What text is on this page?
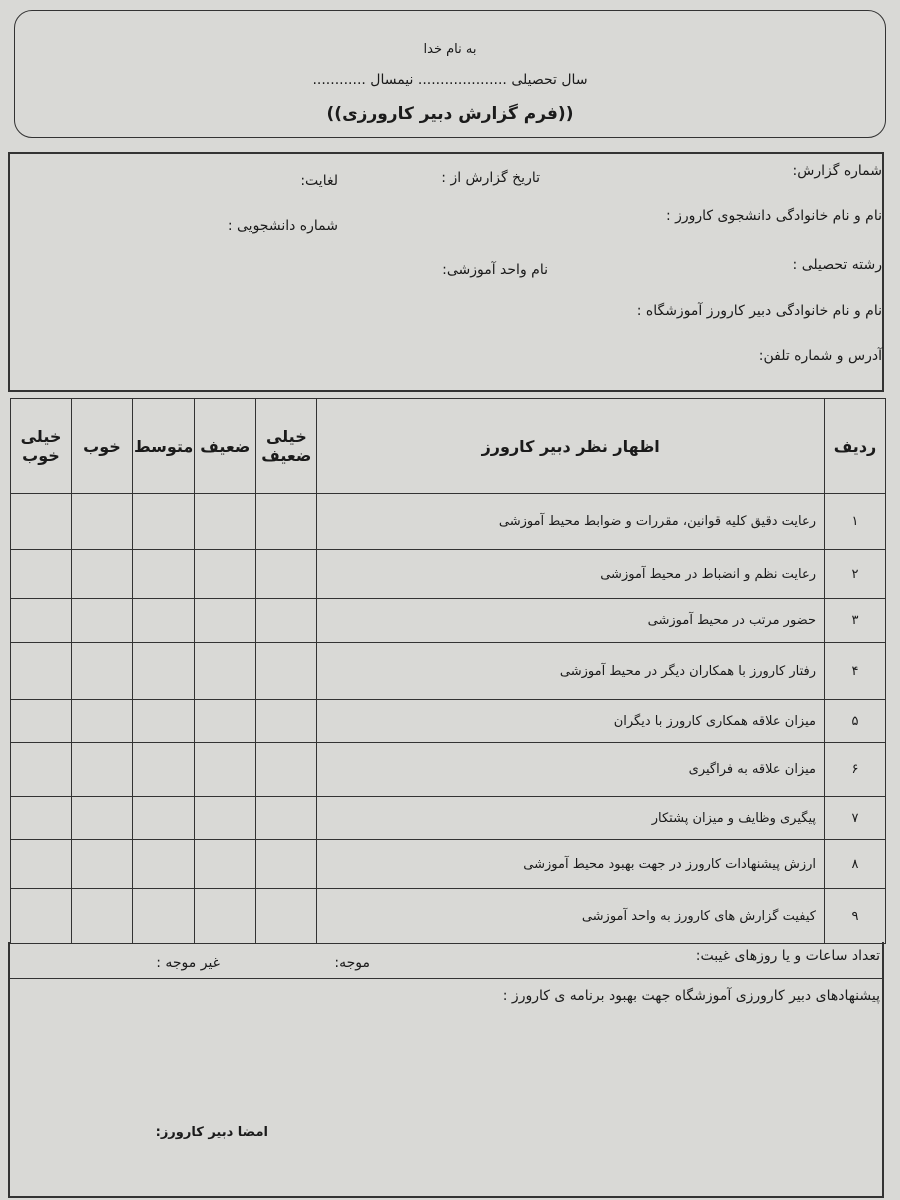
به نام خدا
سال تحصیلی .................... نیمسال ............
((فرم گزارش دبیر کارورزی))
شماره گزارش:
تاریخ گزارش از :
لغایت:
نام و نام خانوادگی دانشجوی کارورز :
شماره دانشجویی :
رشته تحصیلی :
نام واحد آموزشی:
نام و نام خانوادگی دبیر کارورز آموزشگاه :
آدرس و شماره تلفن:
ردیف	اظهار نظر دبیر کارورز	خیلی ضعیف	ضعیف	متوسط	خوب	خیلی خوب
۱	رعایت دقیق کلیه قوانین، مقررات و ضوابط محیط آموزشی					
۲	رعایت نظم و انضباط در محیط آموزشی					
۳	حضور مرتب در محیط آموزشی					
۴	رفتار کارورز با همکاران دیگر در محیط آموزشی					
۵	میزان علاقه همکاری کارورز با دیگران					
۶	میزان علاقه به فراگیری					
۷	پیگیری وظایف و میزان پشتکار					
۸	ارزش پیشنهادات کارورز در جهت بهبود محیط آموزشی					
۹	کیفیت گزارش های کارورز به واحد آموزشی					
تعداد ساعات و یا روزهای غیبت:
موجه:
غیر موجه :
پیشنهادهای دبیر کارورزی آموزشگاه جهت بهبود برنامه ی کارورز :
امضا دبیر کارورز:
